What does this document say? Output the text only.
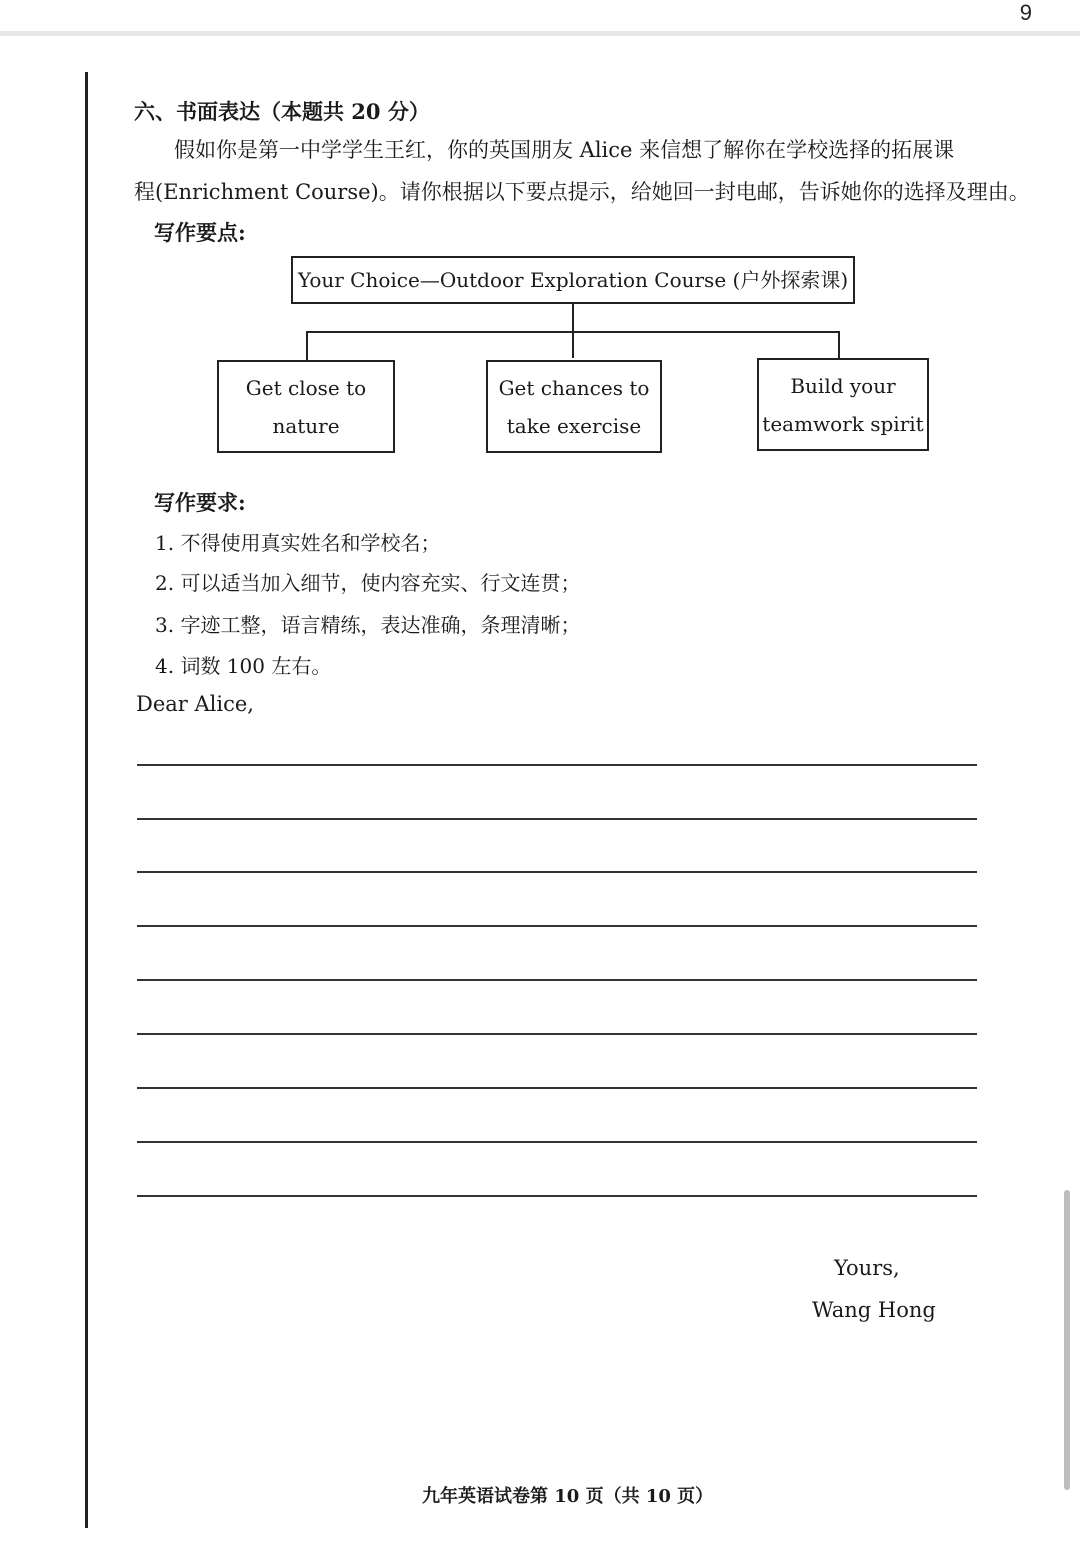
9
六、书面表达（本题共 20 分）
假如你是第一中学学生王红，你的英国朋友 Alice 来信想了解你在学校选择的拓展课
程(Enrichment Course)。请你根据以下要点提示，给她回一封电邮，告诉她你的选择及理由。
写作要点:
Your Choice—Outdoor Exploration Course (户外探索课)
Get close to
nature
Get chances to
take exercise
Build your
teamwork spirit
写作要求:
1. 不得使用真实姓名和学校名；
2. 可以适当加入细节，使内容充实、行文连贯；
3. 字迹工整，语言精练，表达准确，条理清晰；
4. 词数 100 左右。
Dear Alice,
Yours,
Wang Hong
九年英语试卷第 10 页（共 10 页）
